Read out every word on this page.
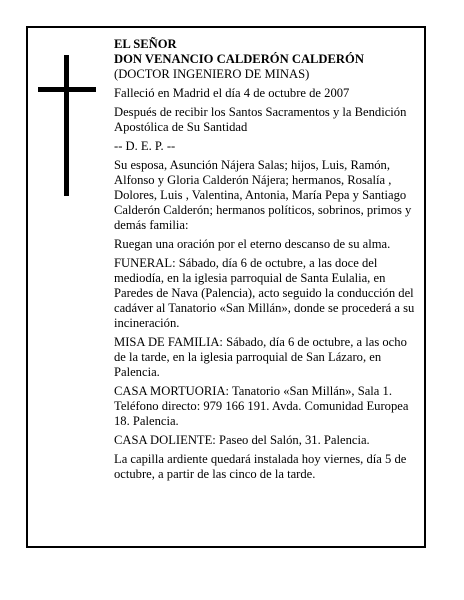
EL SEÑOR

DON VENANCIO CALDERÓN CALDERÓN

(DOCTOR INGENIERO DE MINAS)

Falleció en Madrid el día 4 de octubre de 2007

Después de recibir los Santos Sacramentos y la Bendición Apostólica de Su Santidad

-- D. E. P. --

Su esposa, Asunción Nájera Salas; hijos, Luis, Ramón, Alfonso y Gloria Calderón Nájera; hermanos, Rosalía , Dolores, Luis , Valentina, Antonia, María Pepa y Santiago Calderón Calderón; hermanos políticos, sobrinos, primos y demás familia:

Ruegan una oración por el eterno descanso de su alma.

FUNERAL: Sábado, día 6 de octubre, a las doce del mediodía, en la iglesia parroquial de Santa Eulalia, en Paredes de Nava (Palencia), acto seguido la conducción del cadáver al Tanatorio «San Millán», donde se procederá a su incineración.

MISA DE FAMILIA: Sábado, día 6 de octubre, a las ocho de la tarde, en la iglesia parroquial de San Lázaro, en Palencia.

CASA MORTUORIA: Tanatorio «San Millán», Sala 1. Teléfono directo: 979 166 191. Avda. Comunidad Europea 18. Palencia.

CASA DOLIENTE: Paseo del Salón, 31. Palencia.

La capilla ardiente quedará instalada hoy viernes, día 5 de octubre, a partir de las cinco de la tarde.
